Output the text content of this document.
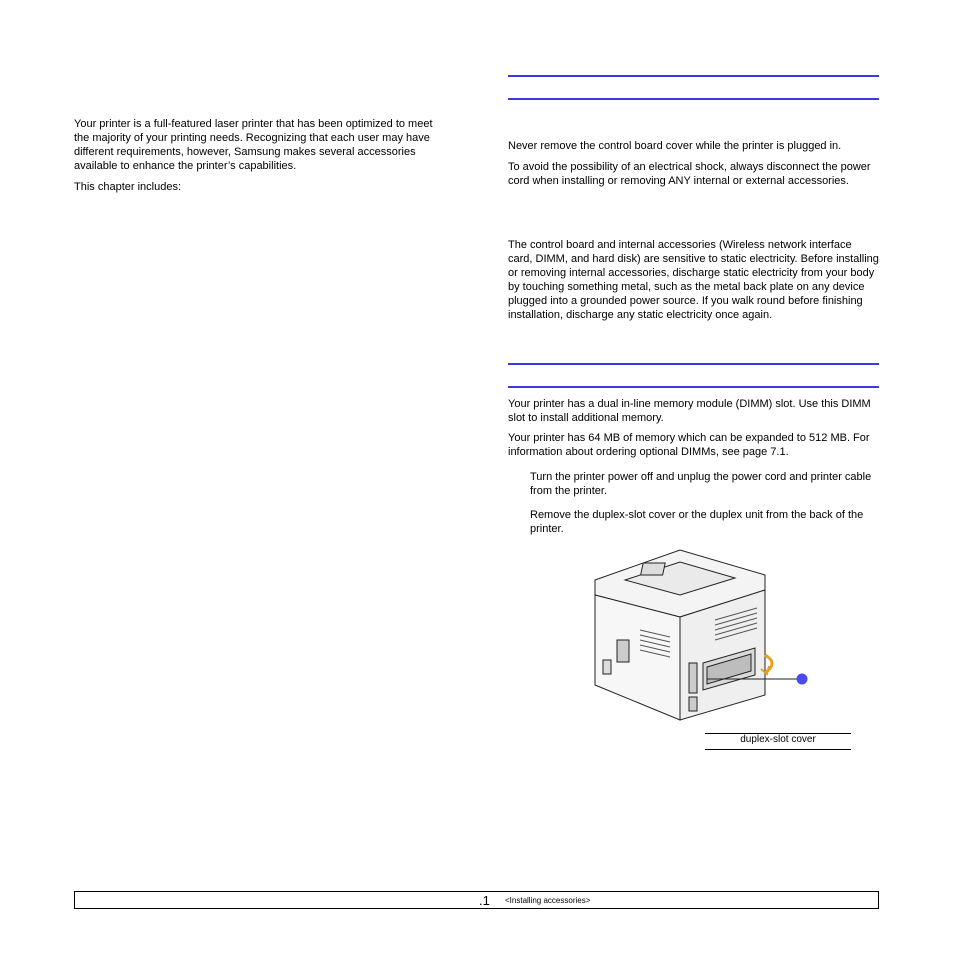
Your printer is a full-featured laser printer that has been optimized to meet the majority of your printing needs. Recognizing that each user may have different requirements, however, Samsung makes several accessories available to enhance the printer’s capabilities.

This chapter includes:

Never remove the control board cover while the printer is plugged in.

To avoid the possibility of an electrical shock, always disconnect the power cord when installing or removing ANY internal or external accessories.

The control board and internal accessories (Wireless network interface card, DIMM, and hard disk) are sensitive to static electricity. Before installing or removing internal accessories, discharge static electricity from your body by touching something metal, such as the metal back plate on any device plugged into a grounded power source. If you walk round before finishing installation, discharge any static electricity once again.

Your printer has a dual in-line memory module (DIMM) slot. Use this DIMM slot to install additional memory.

Your printer has 64 MB of memory which can be expanded to 512 MB. For information about ordering optional DIMMs, see page 7.1.

Turn the printer power off and unplug the power cord and printer cable from the printer.

Remove the duplex-slot cover or the duplex unit from the back of the printer.

duplex-slot cover
.1 <Installing accessories>
